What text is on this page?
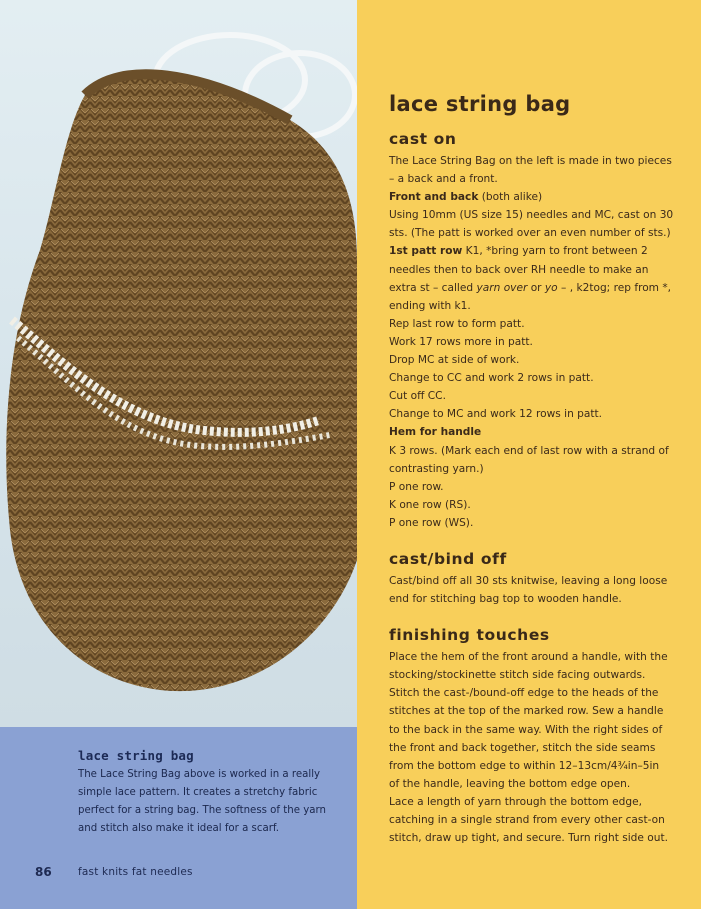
lace string bag
The Lace String Bag above is worked in a really simple lace pattern. It creates a stretchy fabric perfect for a string bag. The softness of the yarn and stitch also make it ideal for a scarf.
86	fast knits fat needles
lace string bag
cast on

The Lace String Bag on the left is made in two pieces

– a back and a front.

Front and back (both alike)

Using 10mm (US size 15) needles and MC, cast on 30

sts. (The patt is worked over an even number of sts.)

1st patt row K1, *bring yarn to front between 2

needles then to back over RH needle to make an

extra st – called yarn over or yo – , k2tog; rep from *,

ending with k1.

Rep last row to form patt.

Work 17 rows more in patt.

Drop MC at side of work.

Change to CC and work 2 rows in patt.

Cut off CC.

Change to MC and work 12 rows in patt.

Hem for handle

K 3 rows. (Mark each end of last row with a strand of

contrasting yarn.)

P one row.

K one row (RS).

P one row (WS).

cast/bind off

Cast/bind off all 30 sts knitwise, leaving a long loose

end for stitching bag top to wooden handle.

finishing touches

Place the hem of the front around a handle, with the

stocking/stockinette stitch side facing outwards.

Stitch the cast-/bound-off edge to the heads of the

stitches at the top of the marked row. Sew a handle

to the back in the same way. With the right sides of

the front and back together, stitch the side seams

from the bottom edge to within 12–13cm/4¾in–5in

of the handle, leaving the bottom edge open.

Lace a length of yarn through the bottom edge,

catching in a single strand from every other cast-on

stitch, draw up tight, and secure. Turn right side out.
